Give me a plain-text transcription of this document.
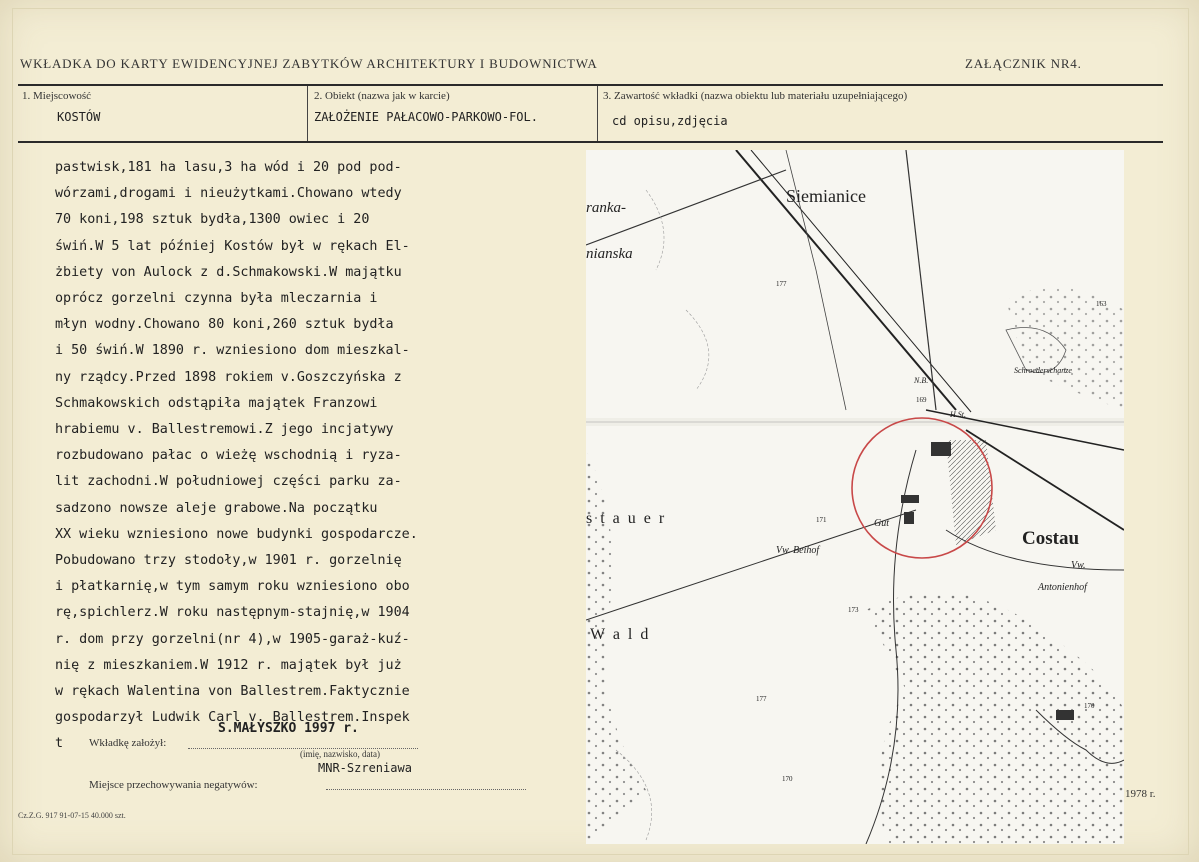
WKŁADKA DO KARTY EWIDENCYJNEJ ZABYTKÓW ARCHITEKTURY I BUDOWNICTWA	ZAŁĄCZNIK NR4.
1. Miejscowość
KOSTÓW
2. Obiekt (nazwa jak w karcie)
ZAŁOŻENIE PAŁACOWO-PARKOWO-FOL.
3. Zawartość wkładki (nazwa obiektu lub materiału uzupełniającego)
cd opisu,zdjęcia
pastwisk,181 ha lasu,3 ha wód i 20 pod pod-
wórzami,drogami i nieużytkami.Chowano wtedy
70 koni,198 sztuk bydła,1300 owiec i 20
świń.W 5 lat później Kostów był w rękach El-
żbiety von Aulock z d.Schmakowski.W majątku
oprócz gorzelni czynna była mleczarnia i
młyn wodny.Chowano 80 koni,260 sztuk bydła
i 50 świń.W 1890 r. wzniesiono dom mieszkal-
ny rządcy.Przed 1898 rokiem v.Goszczyńska z
Schmakowskich odstąpiła majątek Franzowi
hrabiemu v. Ballestremowi.Z jego incjatywy
rozbudowano pałac o wieżę wschodnią i ryza-
lit zachodni.W południowej części parku za-
sadzono nowsze aleje grabowe.Na początku
XX wieku wzniesiono nowe budynki gospodarcze.
Pobudowano trzy stodoły,w 1901 r. gorzelnię
i płatkarnię,w tym samym roku wzniesiono obo
rę,spichlerz.W roku następnym-stajnię,w 1904
r. dom przy gorzelni(nr 4),w 1905-garaż-kuź-
nię z mieszkaniem.W 1912 r. majątek był już
w rękach Walentina von Ballestrem.Faktycznie
gospodarzył Ludwik Carl v. Ballestrem.Inspek
t	Wkładkę założył:
S.MAŁYSZKO 1997 r.
(imię, nazwisko, data)
MNR-Szreniawa
Miejsce przechowywania negatywów:
Siemianice
ranka-
nianska
Costau
s t a u e r
W a l d
Gut
Vw. Beihof
Antonienhof
Vw.
Schroederschanze
N.B.
H.St.
177
171
173
177
170
163
170
169
1978 r.
Cz.Z.G. 917 91-07-15 40.000 szt.
